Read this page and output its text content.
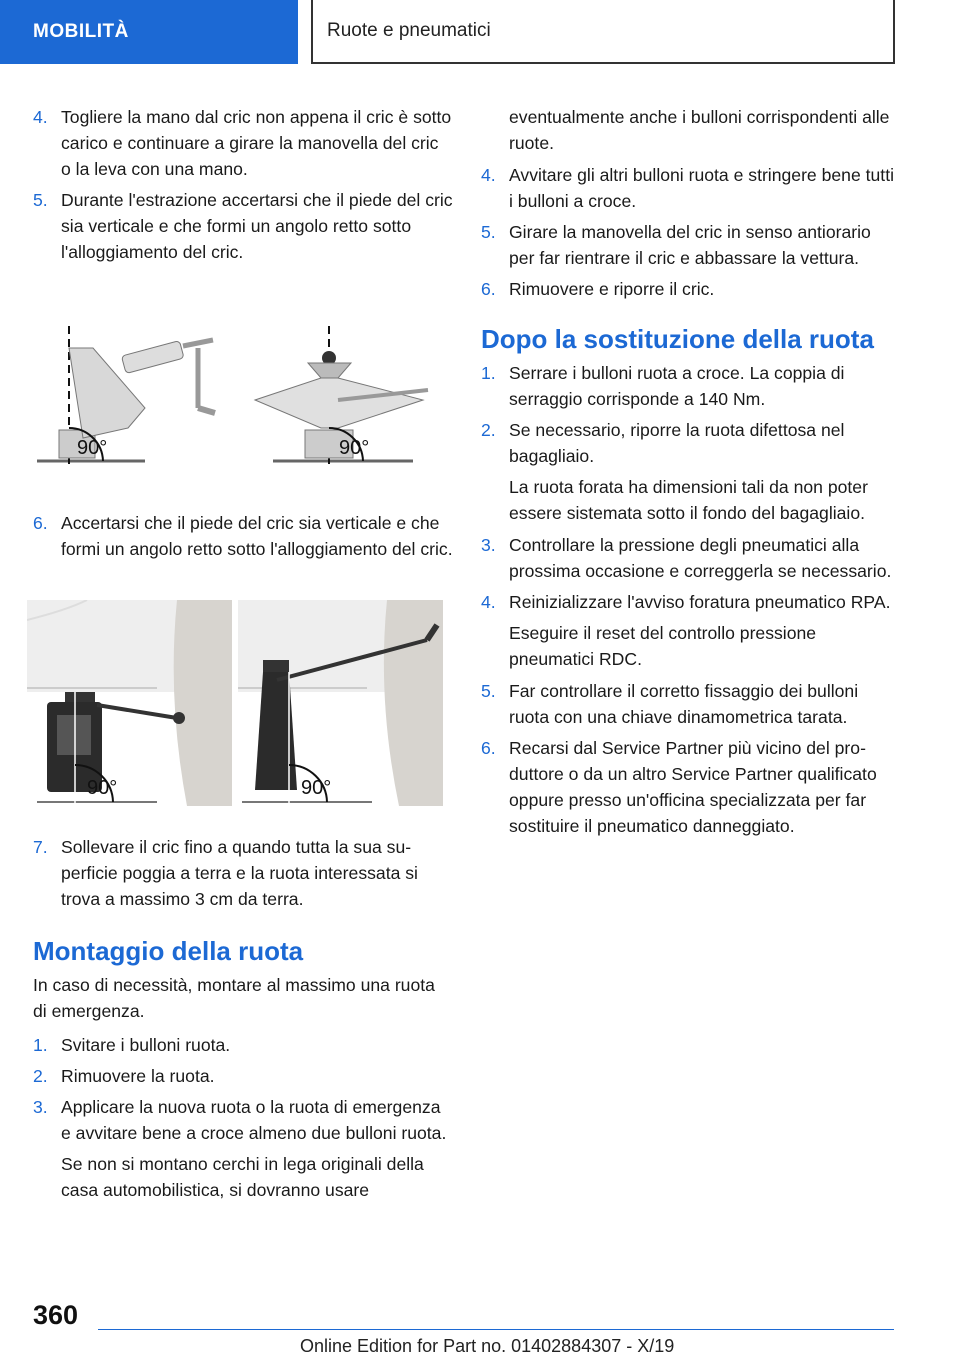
MOBILITÀ	Ruote e pneumatici
4. Togliere la mano dal cric non appena il cric è sotto carico e continuare a girare la manovella del cric o la leva con una mano.
5. Durante l'estrazione accertarsi che il piede del cric sia verticale e che formi un angolo retto sotto l'alloggiamento del cric.
90°	90°
6. Accertarsi che il piede del cric sia verticale e che formi un angolo retto sotto l'alloggiamento del cric.
90°	90°
7. Sollevare il cric fino a quando tutta la sua superficie poggia a terra e la ruota interessata si trova a massimo 3 cm da terra.
Montaggio della ruota
In caso di necessità, montare al massimo una ruota di emergenza.
1. Svitare i bulloni ruota.
2. Rimuovere la ruota.
3. Applicare la nuova ruota o la ruota di emergenza e avvitare bene a croce almeno due bulloni ruota.
Se non si montano cerchi in lega originali della casa automobilistica, si dovranno usare
eventualmente anche i bulloni corrispondenti alle ruote.
4. Avvitare gli altri bulloni ruota e stringere bene tutti i bulloni a croce.
5. Girare la manovella del cric in senso antiorario per far rientrare il cric e abbassare la vettura.
6. Rimuovere e riporre il cric.
Dopo la sostituzione della ruota
1. Serrare i bulloni ruota a croce. La coppia di serraggio corrisponde a 140 Nm.
2. Se necessario, riporre la ruota difettosa nel bagagliaio.
La ruota forata ha dimensioni tali da non poter essere sistemata sotto il fondo del bagagliaio.
3. Controllare la pressione degli pneumatici alla prossima occasione e correggerla se necessario.
4. Reinizializzare l'avviso foratura pneumatico RPA.
Eseguire il reset del controllo pressione pneumatici RDC.
5. Far controllare il corretto fissaggio dei bulloni ruota con una chiave dinamometrica tarata.
6. Recarsi dal Service Partner più vicino del produttore o da un altro Service Partner qualificato oppure presso un'officina specializzata per far sostituire il pneumatico danneggiato.
360
Online Edition for Part no. 01402884307 - X/19
